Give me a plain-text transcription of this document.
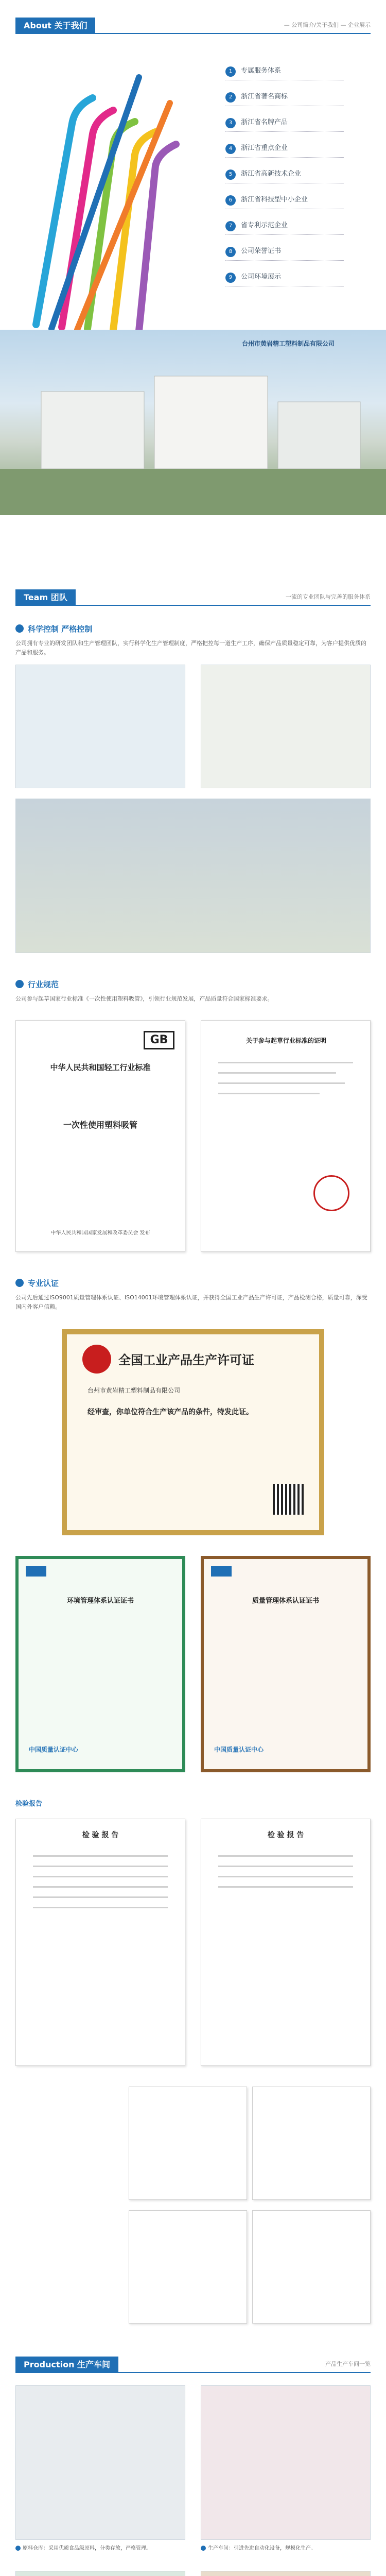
About 关于我们	— 公司简介/关于我们 — 企业展示
1 专属服务体系
2 浙江省著名商标
3 浙江省名牌产品
4 浙江省重点企业
5 浙江省高新技术企业
6 浙江省科技型中小企业
7 省专利示范企业
8 公司荣誉证书
9 公司环境展示
台州市黄岩精工塑料制品有限公司
Team 团队	一流的专业团队与完善的服务体系
科学控制 严格控制
公司拥有专业的研发团队和生产管理团队，实行科学化生产管理制度，严格把控每一道生产工序，确保产品质量稳定可靠，为客户提供优质的产品和服务。
行业规范
公司参与起草国家行业标准《一次性使用塑料吸管》，引领行业规范发展，产品质量符合国家标准要求。
GB
中华人民共和国轻工行业标准
一次性使用塑料吸管
中华人民共和国国家发展和改革委员会 发布
关于参与起草行业标准的证明
专业认证
公司先后通过ISO9001质量管理体系认证、ISO14001环境管理体系认证，并获得全国工业产品生产许可证，产品检测合格，质量可靠，深受国内外客户信赖。
全国工业产品生产许可证
台州市黄岩精工塑料制品有限公司
经审查，你单位符合生产该产品的条件，特发此证。
环境管理体系认证证书
中国质量认证中心
质量管理体系认证证书
中国质量认证中心
检验报告
检 验 报 告	检 验 报 告
Production 生产车间	产品生产车间一览
原料仓库：采用优质食品级原料，分类存放，严格管理。	生产车间：引进先进自动化设备，规模化生产。
